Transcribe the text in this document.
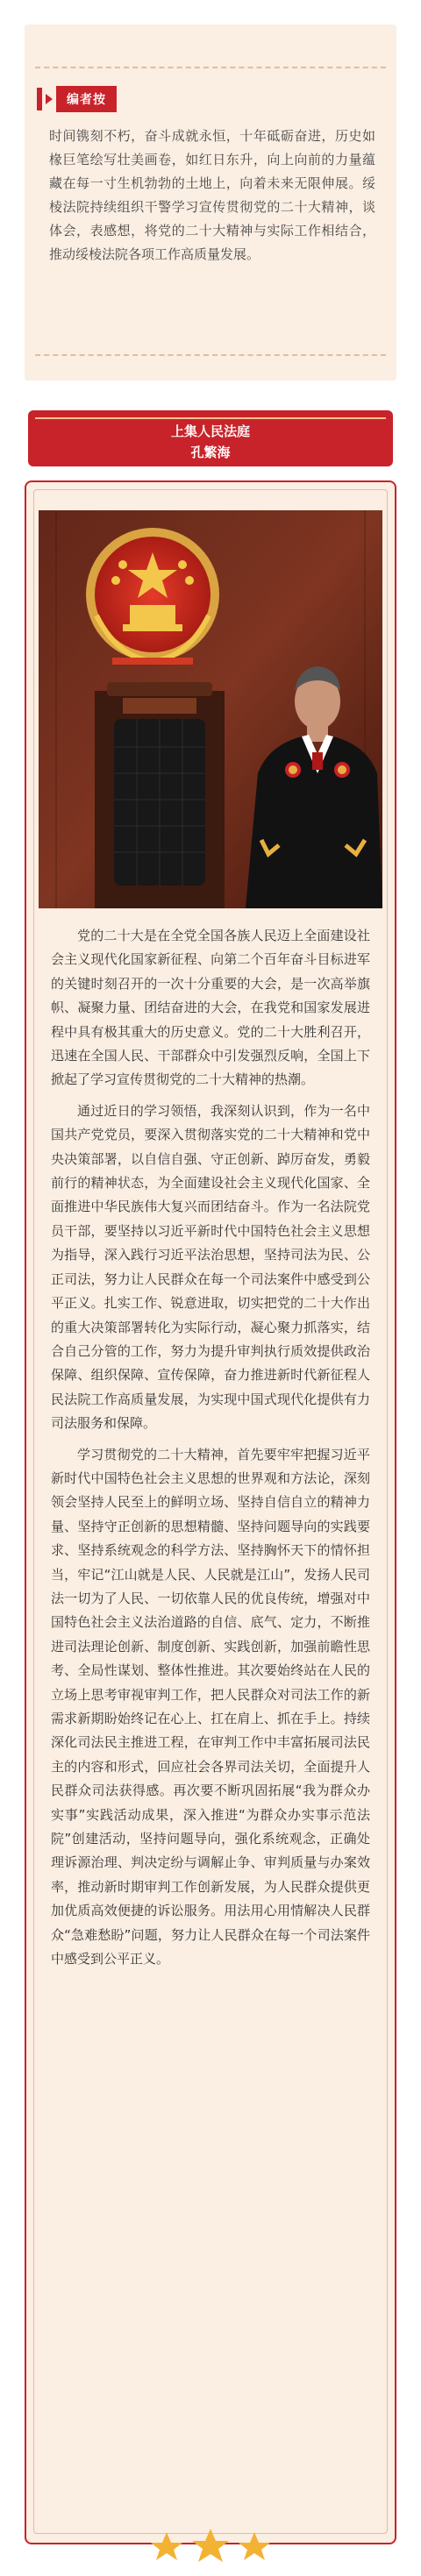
编者按
时间镌刻不朽，奋斗成就永恒，十年砥砺奋进，历史如椽巨笔绘写壮美画卷，如红日东升，向上向前的力量蕴藏在每一寸生机勃勃的土地上，向着未来无限伸展。绥棱法院持续组织干警学习宣传贯彻党的二十大精神，谈体会，表感想，将党的二十大精神与实际工作相结合，推动绥棱法院各项工作高质量发展。
上集人民法庭
孔繁海

党的二十大是在全党全国各族人民迈上全面建设社会主义现代化国家新征程、向第二个百年奋斗目标进军的关键时刻召开的一次十分重要的大会，是一次高举旗帜、凝聚力量、团结奋进的大会，在我党和国家发展进程中具有极其重大的历史意义。党的二十大胜利召开，迅速在全国人民、干部群众中引发强烈反响，全国上下掀起了学习宣传贯彻党的二十大精神的热潮。

通过近日的学习领悟，我深刻认识到，作为一名中国共产党党员，要深入贯彻落实党的二十大精神和党中央决策部署，以自信自强、守正创新、踔厉奋发，勇毅前行的精神状态，为全面建设社会主义现代化国家、全面推进中华民族伟大复兴而团结奋斗。作为一名法院党员干部，要坚持以习近平新时代中国特色社会主义思想为指导，深入践行习近平法治思想，坚持司法为民、公正司法，努力让人民群众在每一个司法案件中感受到公平正义。扎实工作、锐意进取，切实把党的二十大作出的重大决策部署转化为实际行动，凝心聚力抓落实，结合自己分管的工作，努力为提升审判执行质效提供政治保障、组织保障、宣传保障，奋力推进新时代新征程人民法院工作高质量发展，为实现中国式现代化提供有力司法服务和保障。

学习贯彻党的二十大精神，首先要牢牢把握习近平新时代中国特色社会主义思想的世界观和方法论，深刻领会坚持人民至上的鲜明立场、坚持自信自立的精神力量、坚持守正创新的思想精髓、坚持问题导向的实践要求、坚持系统观念的科学方法、坚持胸怀天下的情怀担当，牢记“江山就是人民、人民就是江山”，发扬人民司法一切为了人民、一切依靠人民的优良传统，增强对中国特色社会主义法治道路的自信、底气、定力，不断推进司法理论创新、制度创新、实践创新，加强前瞻性思考、全局性谋划、整体性推进。其次要始终站在人民的立场上思考审视审判工作，把人民群众对司法工作的新需求新期盼始终记在心上、扛在肩上、抓在手上。持续深化司法民主推进工程，在审判工作中丰富拓展司法民主的内容和形式，回应社会各界司法关切，全面提升人民群众司法获得感。再次要不断巩固拓展“我为群众办实事”实践活动成果，深入推进“为群众办实事示范法院”创建活动，坚持问题导向，强化系统观念，正确处理诉源治理、判决定纷与调解止争、审判质量与办案效率，推动新时期审判工作创新发展，为人民群众提供更加优质高效便捷的诉讼服务。用法用心用情解决人民群众“急难愁盼”问题，努力让人民群众在每一个司法案件中感受到公平正义。
